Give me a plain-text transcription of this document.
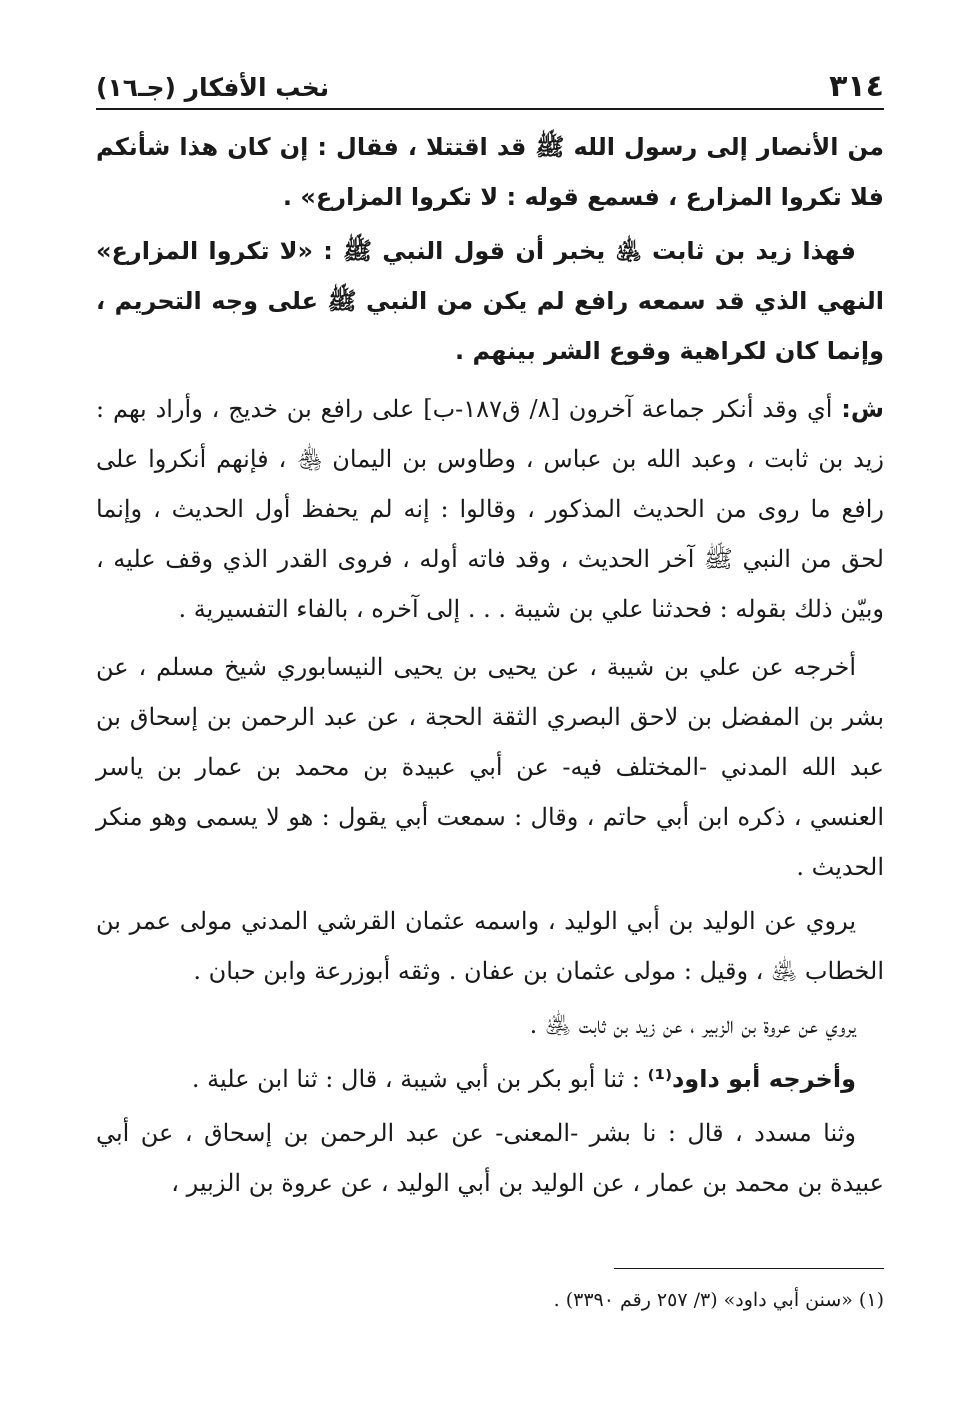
٣١٤
نخب الأفكار (جـ١٦)

من الأنصار إلى رسول الله ﷺ قد اقتتلا ، فقال : إن كان هذا شأنكم فلا تكروا المزارع ، فسمع قوله : لا تكروا المزارع» .

فهذا زيد بن ثابت ﵁ يخبر أن قول النبي ﷺ : «لا تكروا المزارع» النهي الذي قد سمعه رافع لم يكن من النبي ﷺ على وجه التحريم ، وإنما كان لكراهية وقوع الشر بينهم .

ش: أي وقد أنكر جماعة آخرون [٨/ ق١٨٧-ب] على رافع بن خديج ، وأراد بهم : زيد بن ثابت ، وعبد الله بن عباس ، وطاوس بن اليمان ﵃ ، فإنهم أنكروا على رافع ما روى من الحديث المذكور ، وقالوا : إنه لم يحفظ أول الحديث ، وإنما لحق من النبي ﷺ آخر الحديث ، وقد فاته أوله ، فروى القدر الذي وقف عليه ، وبيّن ذلك بقوله : فحدثنا علي بن شيبة . . . إلى آخره ، بالفاء التفسيرية .

أخرجه عن علي بن شيبة ، عن يحيى بن يحيى النيسابوري شيخ مسلم ، عن بشر بن المفضل بن لاحق البصري الثقة الحجة ، عن عبد الرحمن بن إسحاق بن عبد الله المدني -المختلف فيه- عن أبي عبيدة بن محمد بن عمار بن ياسر العنسي ، ذكره ابن أبي حاتم ، وقال : سمعت أبي يقول : هو لا يسمى وهو منكر الحديث .

يروي عن الوليد بن أبي الوليد ، واسمه عثمان القرشي المدني مولى عمر بن الخطاب ﵁ ، وقيل : مولى عثمان بن عفان . وثقه أبوزرعة وابن حبان .

يروي عن عروة بن الزبير ، عن زيد بن ثابت ﵁ .

وأخرجه أبو داود⁽¹⁾ : ثنا أبو بكر بن أبي شيبة ، قال : ثنا ابن علية .

وثنا مسدد ، قال : نا بشر -المعنى- عن عبد الرحمن بن إسحاق ، عن أبي عبيدة بن محمد بن عمار ، عن الوليد بن أبي الوليد ، عن عروة بن الزبير ،

(١) «سنن أبي داود» (٣/ ٢٥٧ رقم ٣٣٩٠) .
